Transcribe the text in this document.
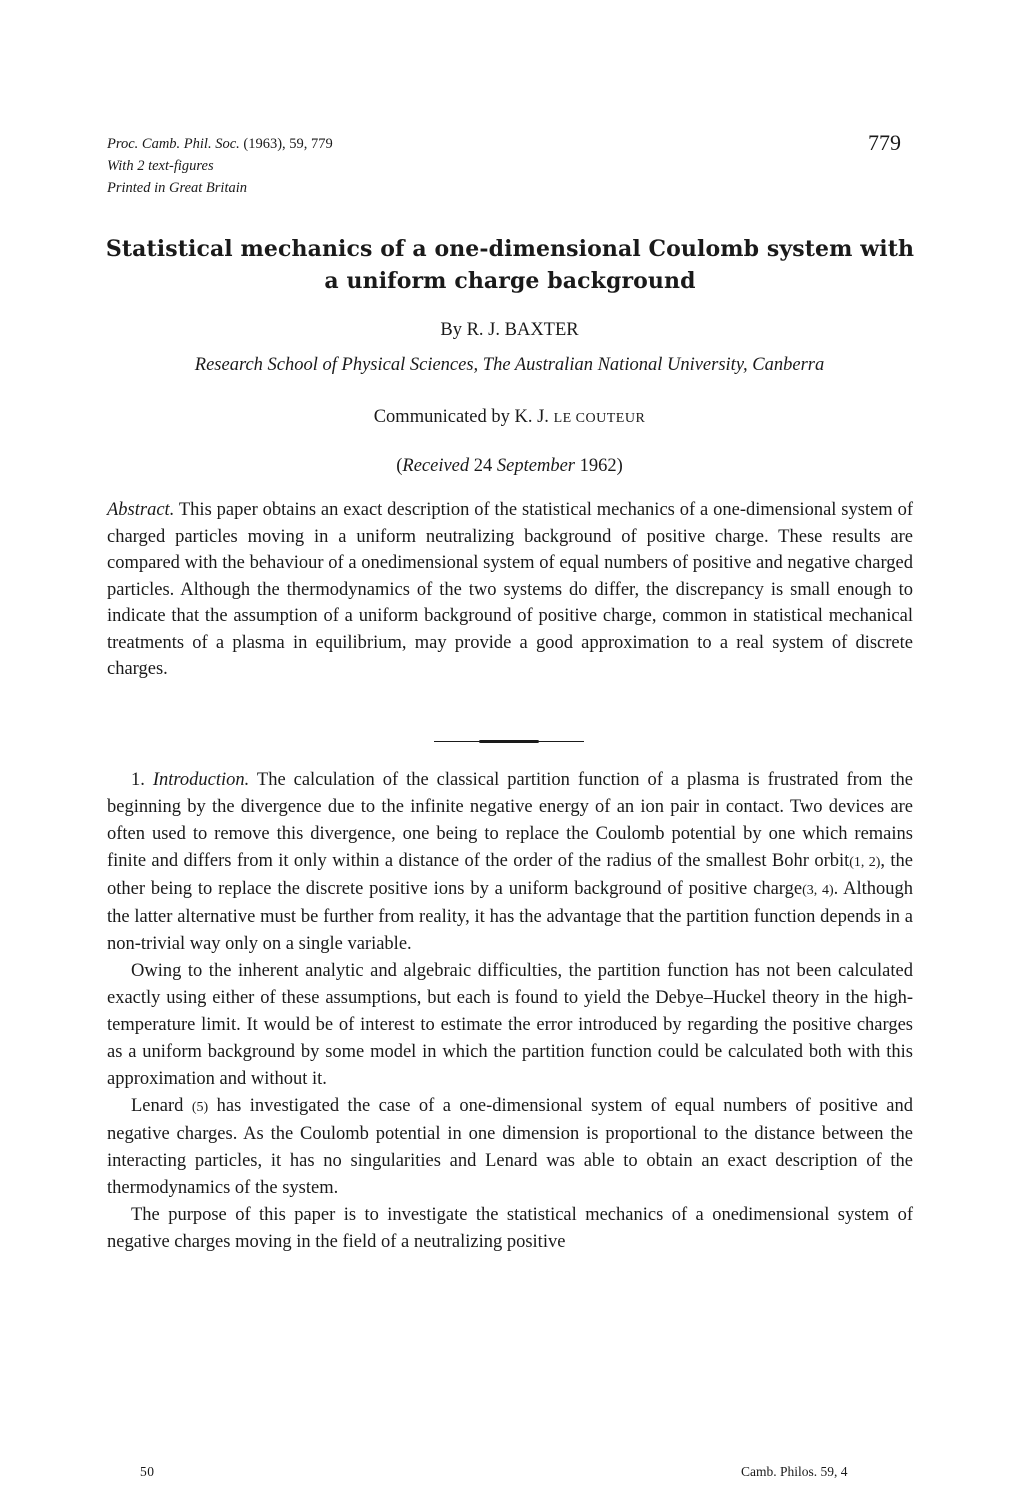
Proc. Camb. Phil. Soc. (1963), 59, 779
With 2 text-figures
Printed in Great Britain
779
Statistical mechanics of a one-dimensional Coulomb system with
a uniform charge background
By R. J. BAXTER
Research School of Physical Sciences, The Australian National University, Canberra
Communicated by K. J. LE COUTEUR
(Received 24 September 1962)
Abstract. This paper obtains an exact description of the statistical mechanics of a one-dimensional system of charged particles moving in a uniform neutralizing background of positive charge. These results are compared with the behaviour of a onedimensional system of equal numbers of positive and negative charged particles. Although the thermodynamics of the two systems do differ, the discrepancy is small enough to indicate that the assumption of a uniform background of positive charge, common in statistical mechanical treatments of a plasma in equilibrium, may provide a good approximation to a real system of discrete charges.

1. Introduction. The calculation of the classical partition function of a plasma is frustrated from the beginning by the divergence due to the infinite negative energy of an ion pair in contact. Two devices are often used to remove this divergence, one being to replace the Coulomb potential by one which remains finite and differs from it only within a distance of the order of the radius of the smallest Bohr orbit(1, 2), the other being to replace the discrete positive ions by a uniform background of positive charge(3, 4). Although the latter alternative must be further from reality, it has the advantage that the partition function depends in a non-trivial way only on a single variable.

Owing to the inherent analytic and algebraic difficulties, the partition function has not been calculated exactly using either of these assumptions, but each is found to yield the Debye–Huckel theory in the high-temperature limit. It would be of interest to estimate the error introduced by regarding the positive charges as a uniform background by some model in which the partition function could be calculated both with this approximation and without it.

Lenard (5) has investigated the case of a one-dimensional system of equal numbers of positive and negative charges. As the Coulomb potential in one dimension is proportional to the distance between the interacting particles, it has no singularities and Lenard was able to obtain an exact description of the thermodynamics of the system.

The purpose of this paper is to investigate the statistical mechanics of a onedimensional system of negative charges moving in the field of a neutralizing positive

50	Camb. Philos. 59, 4
